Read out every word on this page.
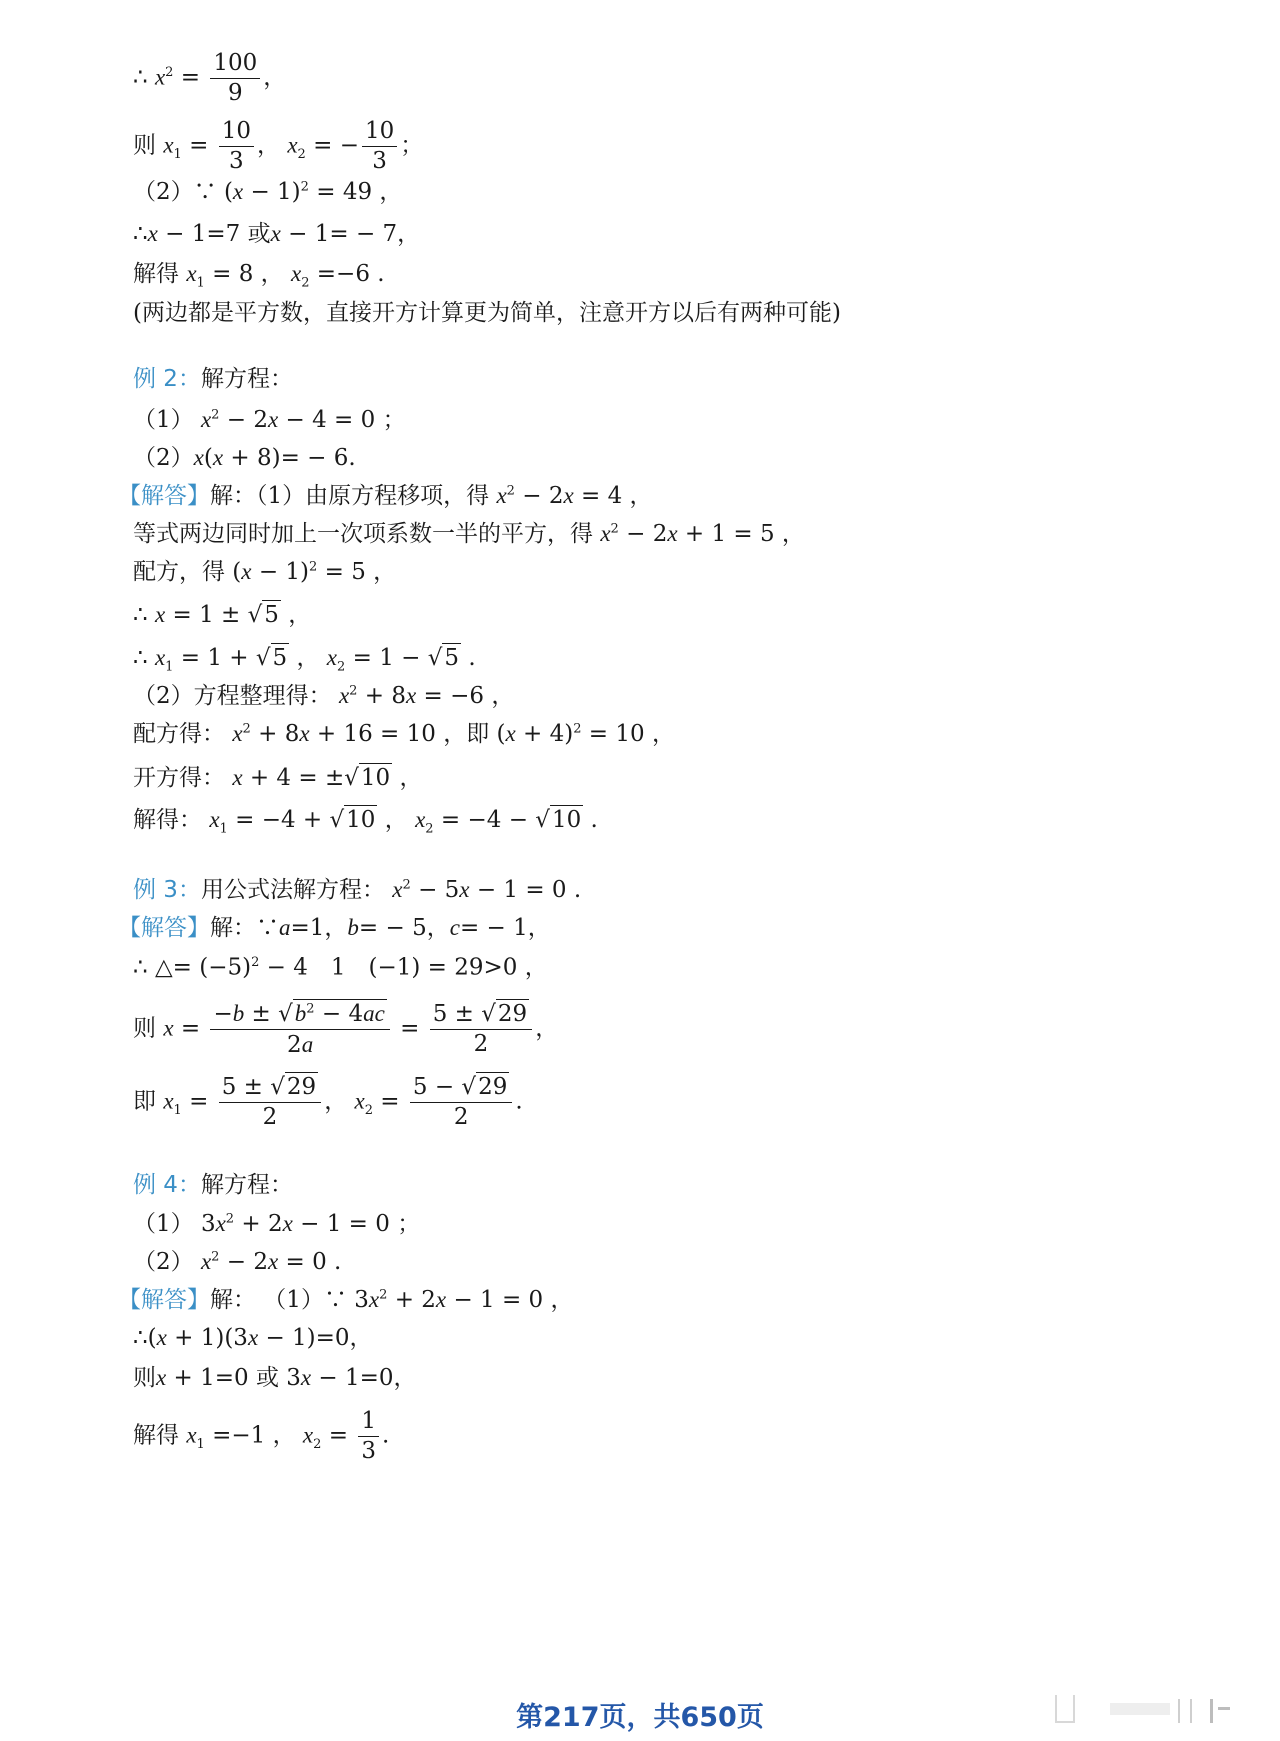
∴ $x^2 = \frac{100}{9}$ ，
则 $x_1 = \frac{10}{3}$ ， $x_2$ = − $\frac{10}{3}$ ；
（2）∵ $(x - 1)^2 = 49$ ，
∴x − 1=7 或x − 1= − 7，
解得 $x_1 = 8$ ， $x_2 =-6$ .
(两边都是平方数，直接开方计算更为简单，注意开方以后有两种可能)
例 2：解方程：
（1） $x^2 - 2x - 4 = 0$ ；
（2）x(x + 8)= − 6.
【解答】解：（1）由原方程移项，得 $x^2 - 2x = 4$ ，
等式两边同时加上一次项系数一半的平方，得 $x^2 - 2x + 1 = 5$ ，
配方，得 $(x - 1)^2 = 5$ ，
∴ x = 1 ± √5 ，
∴ $x_1 = 1 + √5$ ， $x_2 = 1 - √5$ .
（2）方程整理得： $x^2 + 8x = -6$ ，
配方得： $x^2 + 8x + 16 = 10$ ，即 $(x + 4)^2 = 10$ ，
开方得： x + 4 = ±√10 ，
解得： $x_1 = -4 + √10$ ， $x_2 = -4 - √10$ .
例 3：用公式法解方程： $x^2 - 5x - 1 = 0$ .
【解答】解：∵a=1，b= − 5，c= − 1，
∴ △= $(-5)^2 - 4$　1　(−1) = 29>0 ，
则 $x = \frac{-b \pm √b^2 - 4ac}{2a} = \frac{5 \pm √29}{2}$ ，
即 $x_1 = \frac{5 \pm √29}{2}$ ， $x_2 = \frac{5 - √29}{2}$ .
例 4：解方程：
（1） $3x^2 + 2x - 1 = 0$ ；
（2） $x^2 - 2x = 0$ .
【解答】解： （1）∵ $3x^2 + 2x - 1 = 0$ ，
∴(x + 1)(3x − 1)=0，
则x + 1=0 或 3x − 1=0，
解得 $x_1 =-1$ ， $x_2 = \frac{1}{3}$ .
第217页，共650页
